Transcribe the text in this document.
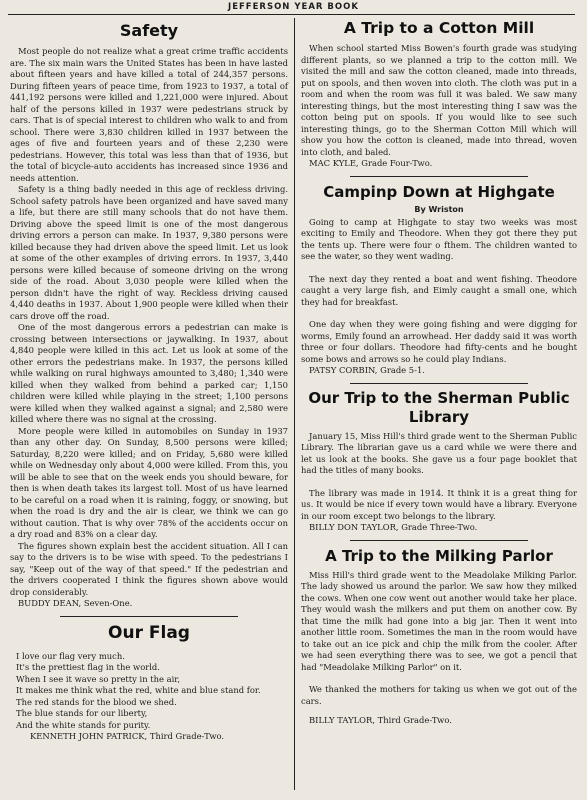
JEFFERSON YEAR BOOK
Safety

Most people do not realize what a great crime traffic accidents are. The six main wars the United States has been in have lasted about fifteen years and have killed a total of 244,357 persons. During fifteen years of peace time, from 1923 to 1937, a total of 441,192 persons were killed and 1,221,000 were injured. About half of the persons killed in 1937 were pedestrians struck by cars. That is of special interest to children who walk to and from school. There were 3,830 children killed in 1937 between the ages of five and fourteen years and of these 2,230 were pedestrians. However, this total was less than that of 1936, but the total of bicycle-auto accidents has increased since 1936 and needs attention.

Safety is a thing badly needed in this age of reckless driving. School safety patrols have been organized and have saved many a life, but there are still many schools that do not have them. Driving above the speed limit is one of the most dangerous driving errors a person can make. In 1937, 9,380 persons were killed because they had driven above the speed limit. Let us look at some of the other examples of driving errors. In 1937, 3,440 persons were killed because of someone driving on the wrong side of the road. About 3,030 people were killed when the person didn't have the right of way. Reckless driving caused 4,440 deaths in 1937. About 1,900 people were killed when their cars drove off the road.

One of the most dangerous errors a pedestrian can make is crossing between intersections or jaywalking. In 1937, about 4,840 people were killed in this act. Let us look at some of the other errors the pedestrians make. In 1937, the persons killed while walking on rural highways amounted to 3,480; 1,340 were killed when they walked from behind a parked car; 1,150 children were killed while playing in the street; 1,100 persons were killed when they walked against a signal; and 2,580 were killed where there was no signal at the crossing.

More people were killed in automobiles on Sunday in 1937 than any other day. On Sunday, 8,500 persons were killed; Saturday, 8,220 were killed; and on Friday, 5,680 were killed while on Wednesday only about 4,000 were killed. From this, you will be able to see that on the week ends you should beware, for then is when death takes its largest toll. Most of us have learned to be careful on a road when it is raining, foggy, or snowing, but when the road is dry and the air is clear, we think we can go without caution. That is why over 78% of the accidents occur on a dry road and 83% on a clear day.

The figures shown explain best the accident situation. All I can say to the drivers is to be wise with speed. To the pedestrians I say, "Keep out of the way of that speed." If the pedestrian and the drivers cooperated I think the figures shown above would drop considerably.

BUDDY DEAN, Seven-One.

Our Flag
I love our flag very much.
It's the prettiest flag in the world.
When I see it wave so pretty in the air,
It makes me think what the red, white and blue stand for.
The red stands for the blood we shed.
The blue stands for our liberty,
And the white stands for purity.
KENNETH JOHN PATRICK, Third Grade-Two.
A Trip to a Cotton Mill

When school started Miss Bowen's fourth grade was studying different plants, so we planned a trip to the cotton mill. We visited the mill and saw the cotton cleaned, made into threads, put on spools, and then woven into cloth. The cloth was put in a room and when the room was full it was baled. We saw many interesting things, but the most interesting thing I saw was the cotton being put on spools. If you would like to see such interesting things, go to the Sherman Cotton Mill which will show you how the cotton is cleaned, made into thread, woven into cloth, and baled.

MAC KYLE, Grade Four-Two.

Campinp Down at Highgate
By Wriston

Going to camp at Highgate to stay two weeks was most exciting to Emily and Theodore. When they got there they put the tents up. There were four o fthem. The children wanted to see the water, so they went wading.

The next day they rented a boat and went fishing. Theodore caught a very large fish, and Eimly caught a small one, which they had for breakfast.

One day when they were going fishing and were digging for worms, Emily found an arrowhead. Her daddy said it was worth three or four dollars. Theodore had fifty-cents and he bought some bows and arrows so he could play Indians.

PATSY CORBIN, Grade 5-1.

Our Trip to the Sherman Public Library

January 15, Miss Hill's third grade went to the Sherman Public Library. The librarian gave us a card while we were there and let us look at the books. She gave us a four page booklet that had the titles of many books.

The library was made in 1914. It think it is a great thing for us. It would be nice if every town would have a library. Everyone in our room except two belongs to the library.

BILLY DON TAYLOR, Grade Three-Two.

A Trip to the Milking Parlor

Miss Hill's third grade went to the Meadolake Milking Parlor. The lady showed us around the parlor. We saw how they milked the cows. When one cow went out another would take her place. They would wash the milkers and put them on another cow. By that time the milk had gone into a big jar. Then it went into another little room. Sometimes the man in the room would have to take out an ice pick and chip the milk from the cooler. After we had seen everything there was to see, we got a pencil that had "Meadolake Milking Parlor" on it.

We thanked the mothers for taking us when we got out of the cars.

BILLY TAYLOR, Third Grade-Two.
